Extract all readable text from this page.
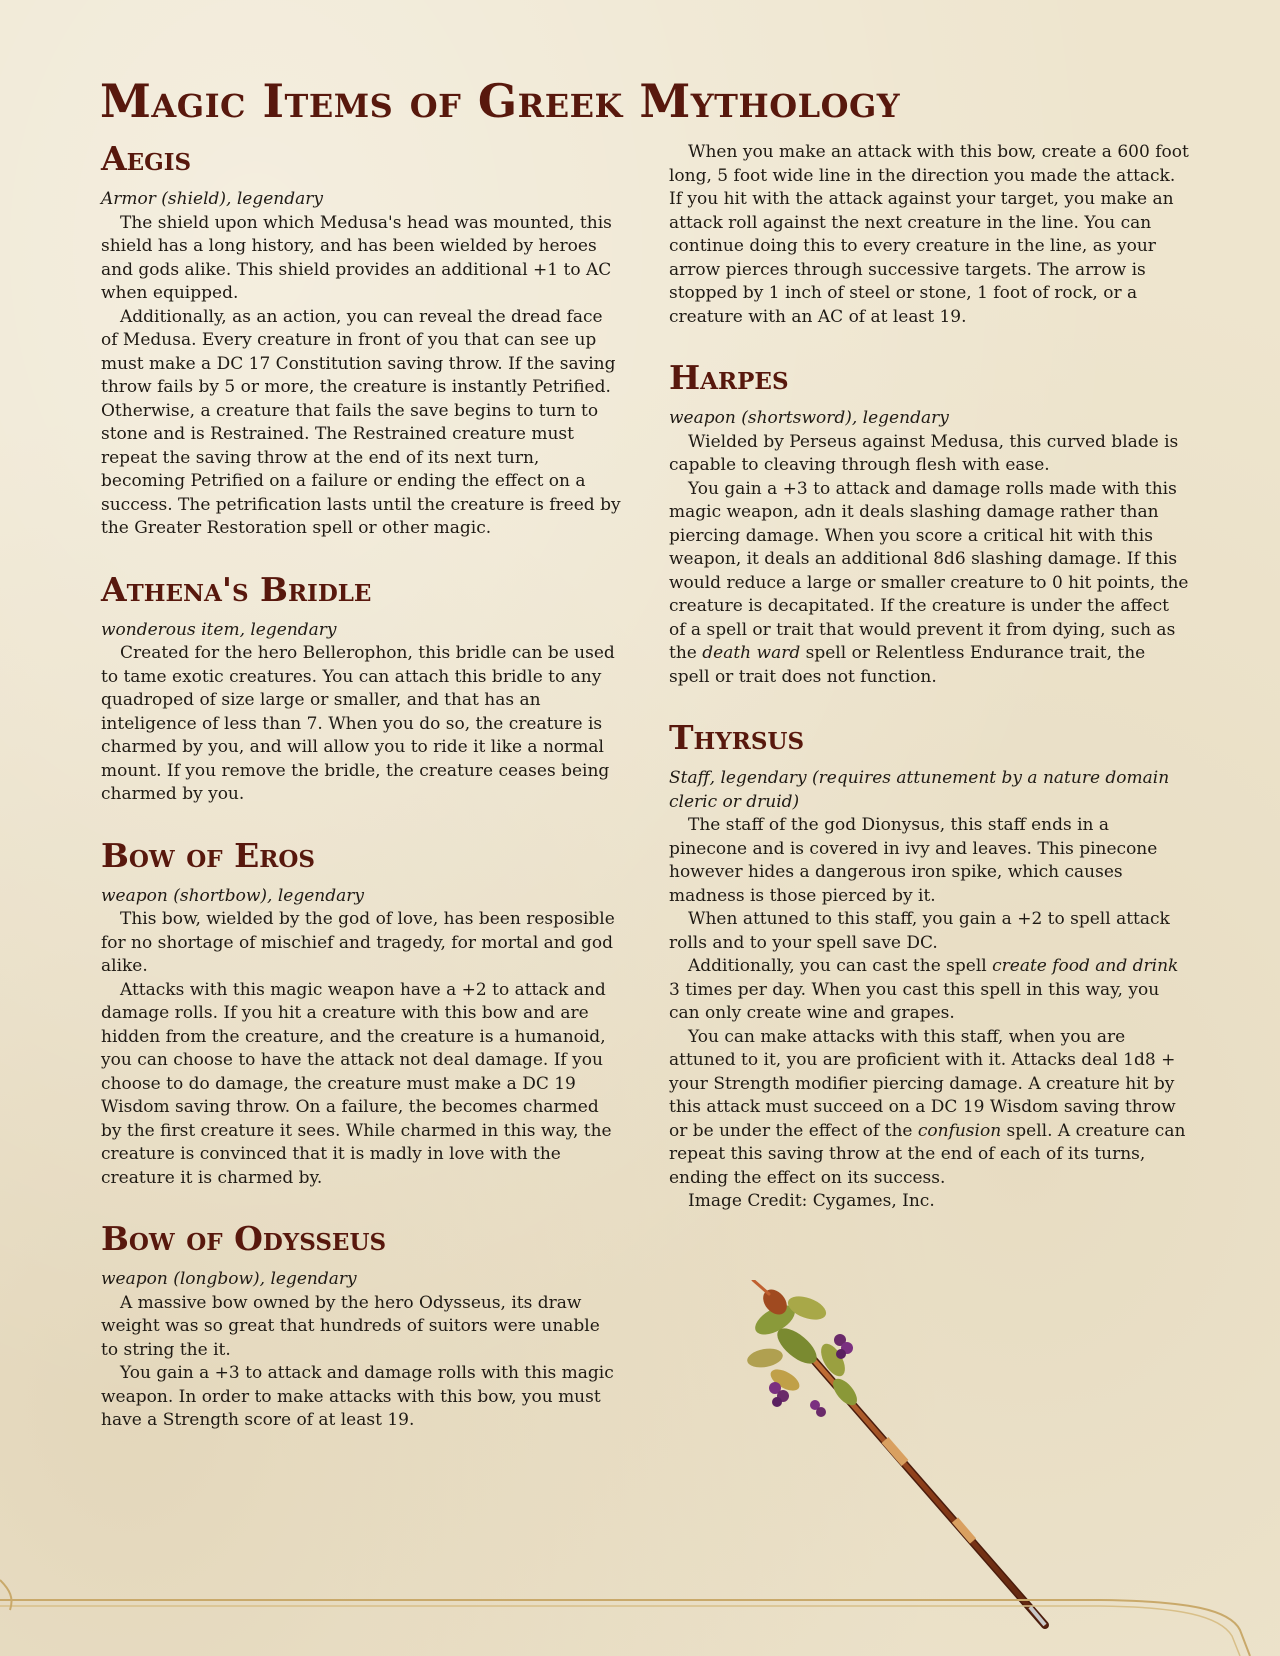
Magic Items of Greek Mythology
Aegis

Armor (shield), legendary

The shield upon which Medusa's head was mounted, this shield has a long history, and has been wielded by heroes and gods alike. This shield provides an additional +1 to AC when equipped.

Additionally, as an action, you can reveal the dread face of Medusa. Every creature in front of you that can see up must make a DC 17 Constitution saving throw. If the saving throw fails by 5 or more, the creature is instantly Petrified. Otherwise, a creature that fails the save begins to turn to stone and is Restrained. The Restrained creature must repeat the saving throw at the end of its next turn, becoming Petrified on a failure or ending the effect on a success. The petrification lasts until the creature is freed by the Greater Restoration spell or other magic.

Athena's Bridle

wonderous item, legendary

Created for the hero Bellerophon, this bridle can be used to tame exotic creatures. You can attach this bridle to any quadroped of size large or smaller, and that has an inteligence of less than 7. When you do so, the creature is charmed by you, and will allow you to ride it like a normal mount. If you remove the bridle, the creature ceases being charmed by you.

Bow of Eros

weapon (shortbow), legendary

This bow, wielded by the god of love, has been resposible for no shortage of mischief and tragedy, for mortal and god alike.

Attacks with this magic weapon have a +2 to attack and damage rolls. If you hit a creature with this bow and are hidden from the creature, and the creature is a humanoid, you can choose to have the attack not deal damage. If you choose to do damage, the creature must make a DC 19 Wisdom saving throw. On a failure, the becomes charmed by the first creature it sees. While charmed in this way, the creature is convinced that it is madly in love with the creature it is charmed by.

Bow of Odysseus

weapon (longbow), legendary

A massive bow owned by the hero Odysseus, its draw weight was so great that hundreds of suitors were unable to string the it.

You gain a +3 to attack and damage rolls with this magic weapon. In order to make attacks with this bow, you must have a Strength score of at least 19.

When you make an attack with this bow, create a 600 foot long, 5 foot wide line in the direction you made the attack. If you hit with the attack against your target, you make an attack roll against the next creature in the line. You can continue doing this to every creature in the line, as your arrow pierces through successive targets. The arrow is stopped by 1 inch of steel or stone, 1 foot of rock, or a creature with an AC of at least 19.

Harpes

weapon (shortsword), legendary

Wielded by Perseus against Medusa, this curved blade is capable to cleaving through flesh with ease.

You gain a +3 to attack and damage rolls made with this magic weapon, adn it deals slashing damage rather than piercing damage. When you score a critical hit with this weapon, it deals an additional 8d6 slashing damage. If this would reduce a large or smaller creature to 0 hit points, the creature is decapitated. If the creature is under the affect of a spell or trait that would prevent it from dying, such as the death ward spell or Relentless Endurance trait, the spell or trait does not function.

Thyrsus

Staff, legendary (requires attunement by a nature domain cleric or druid)

The staff of the god Dionysus, this staff ends in a pinecone and is covered in ivy and leaves. This pinecone however hides a dangerous iron spike, which causes madness is those pierced by it.

When attuned to this staff, you gain a +2 to spell attack rolls and to your spell save DC.

Additionally, you can cast the spell create food and drink 3 times per day. When you cast this spell in this way, you can only create wine and grapes.

You can make attacks with this staff, when you are attuned to it, you are proficient with it. Attacks deal 1d8 + your Strength modifier piercing damage. A creature hit by this attack must succeed on a DC 19 Wisdom saving throw or be under the effect of the confusion spell. A creature can repeat this saving throw at the end of each of its turns, ending the effect on its success.

Image Credit: Cygames, Inc.
